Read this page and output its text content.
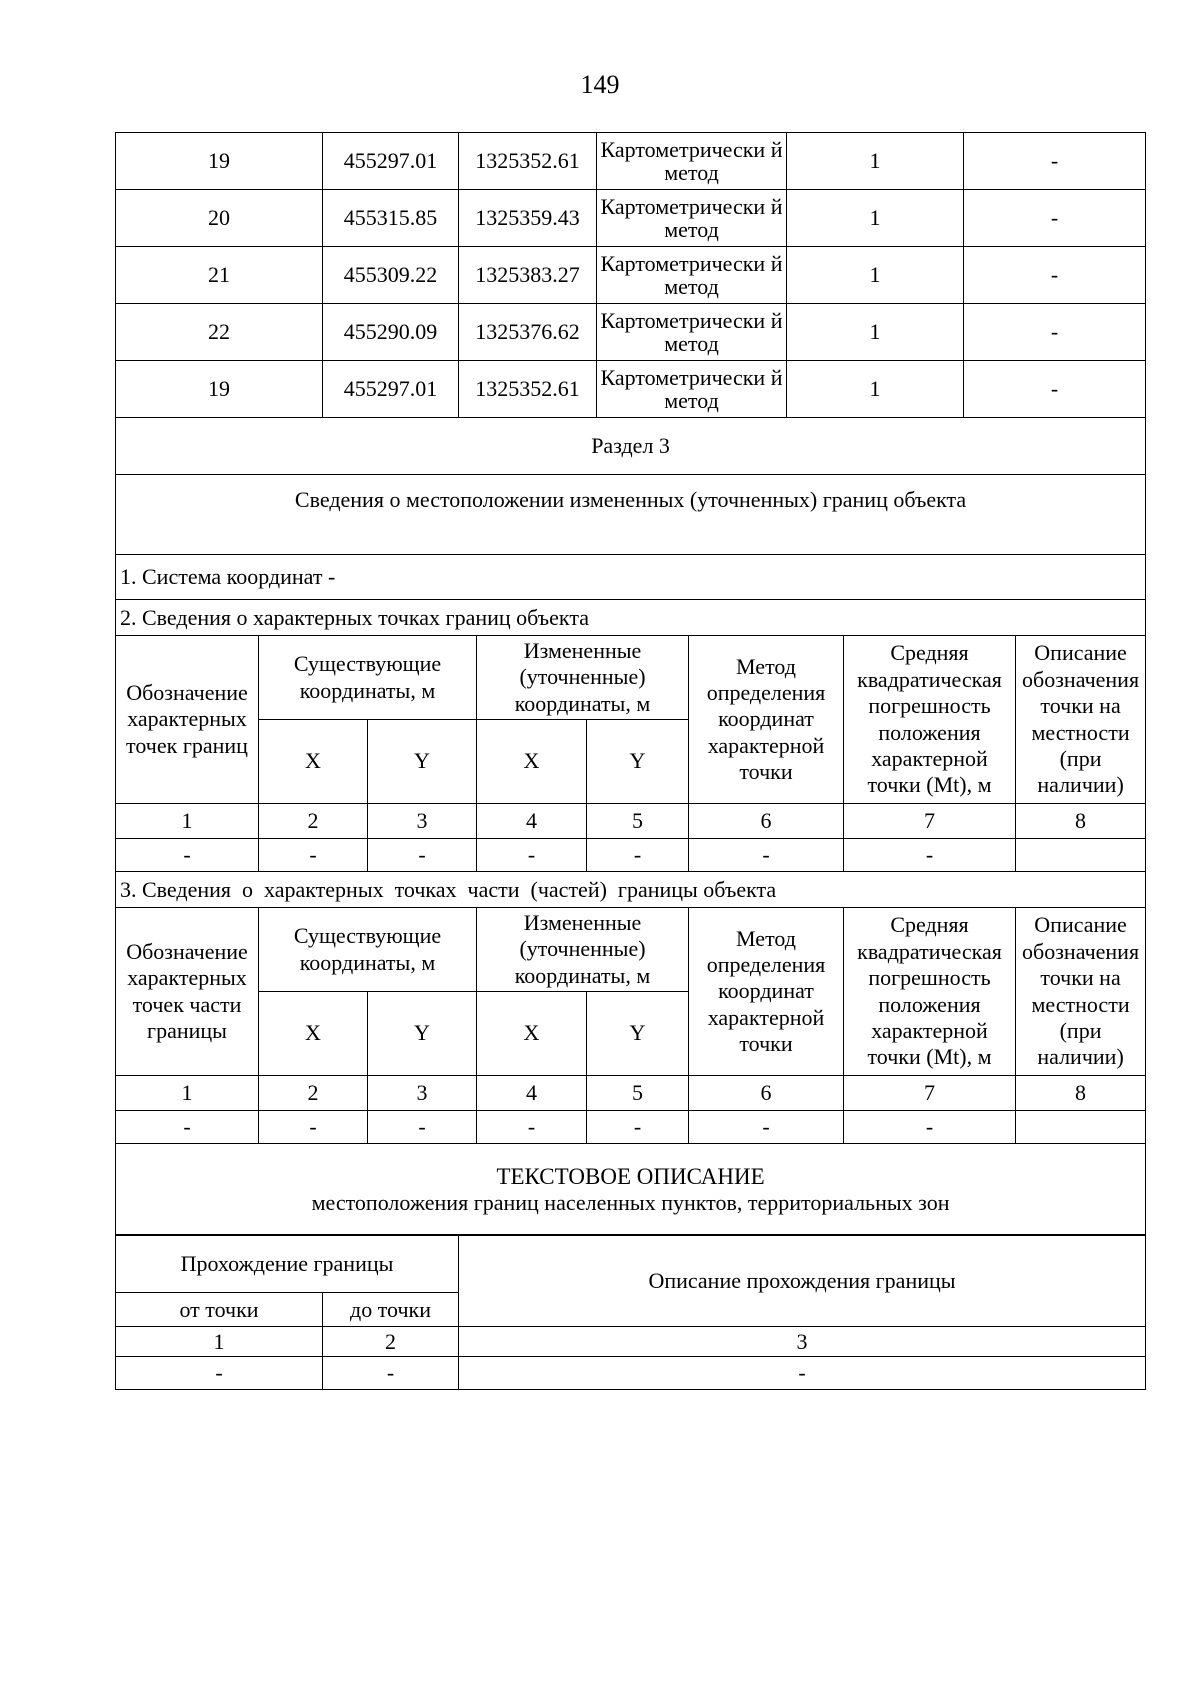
149
19	455297.01	1325352.61	Картометрически й метод	1	-
20	455315.85	1325359.43	Картометрически й метод	1	-
21	455309.22	1325383.27	Картометрически й метод	1	-
22	455290.09	1325376.62	Картометрически й метод	1	-
19	455297.01	1325352.61	Картометрически й метод	1	-
Раздел 3							
Сведения о местоположении измененных (уточненных) границ объекта							
1. Система координат -							
2. Сведения о характерных точках границ объекта							
Обозначение характерных точек границ	Существующие координаты, м		Измененные (уточненные) координаты, м		Метод определения координат характерной точки	Средняя квадратическая погрешность положения характерной точки (Mt), м	Описание обозначения точки на местности (при наличии)
	X	Y	X	Y			
1	2	3	4	5	6	7	8
-	-	-	-	-	-	-	
3. Сведения  о  характерных  точках  части  (частей)  границы объекта							
Обозначение характерных точек части границы	Существующие координаты, м		Измененные (уточненные) координаты, м		Метод определения координат характерной точки	Средняя квадратическая погрешность положения характерной точки (Mt), м	Описание обозначения точки на местности (при наличии)
	X	Y	X	Y			
1	2	3	4	5	6	7	8
-	-	-	-	-	-	-	

ТЕКСТОВОЕ ОПИСАНИЕ
местоположения границ населенных пунктов, территориальных зон							
Прохождение границы		Описание прохождения границы
от точки	до точки	
1	2	3
-	-	-
